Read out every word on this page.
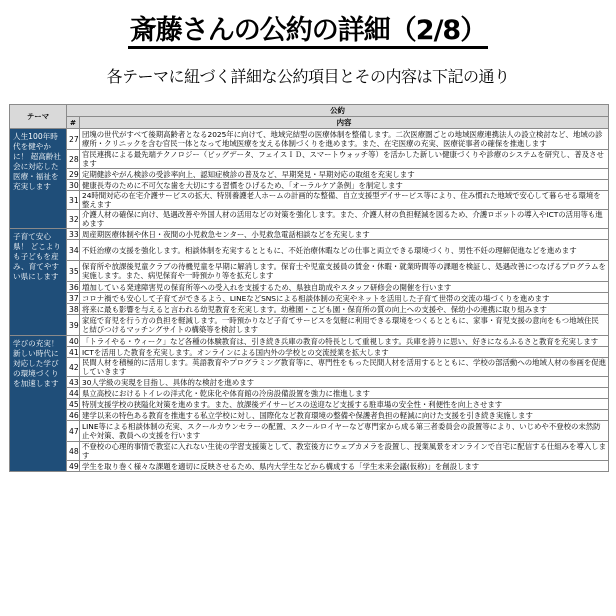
斎藤さんの公約の詳細（2/8）
各テーマに紐づく詳細な公約項目とその内容は下記の通り
テーマ	公約	
	#	内容
人生100年時代を健やかに！ 超高齢社会に対応した医療・福祉を充実します	27	団塊の世代がすべて後期高齢者となる2025年に向けて、地域完結型の医療体制を整備します。二次医療圏ごとの地域医療連携法人の設立検討など、地域の診療所・クリニックを含む官民一体となって地域医療を支える体制づくりを進めます。また、在宅医療の充実、医療従事者の確保を推進します
	28	官民連携による最先端テクノロジー（ビッグデータ、フェイスＩＤ、スマートウォッチ等）を活かした新しい健康づくりや診療のシステムを研究し、普及させます
	29	定期健診やがん検診の受診率向上、認知症検診の普及など、早期発見・早期対応の取組を充実します
	30	健康長寿のために不可欠な歯を大切にする習慣をひげるため、「オーラルケア条例」を制定します
	31	24時間対応の在宅介護サービスの拡大、特別養護老人ホームの計画的な整備、自立支援型デイサービス等により、住み慣れた地域で安心して暮らせる環境を整えます
	32	介護人材の確保に向け、処遇改善や外国人材の活用などの対策を強化します。また、介護人材の負担軽減を図るため、介護ロボットの導入やICTの活用等も進めます
子育て安心県！ どこよりも子どもを産み、育てやすい県にします	33	周産期医療体制や休日・夜間の小児救急センター、小児救急電話相談などを充実します
	34	不妊治療の支援を強化します。相談体制を充実するとともに、不妊治療休暇などの仕事と両立できる環境づくり、男性不妊の理解促進などを進めます
	35	保育所や放課後児童クラブの待機児童を早期に解消します。保育士や児童支援員の賃金・休暇・就業時間等の課題を検証し、処遇改善につなげるプログラムを実施します。また、病児保育や一時預かり等を拡充します
	36	増加している発達障害児の保育所等への受入れを支援するため、県独自助成やスタッフ研修会の開催を行います
	37	コロナ禍でも安心して子育てができるよう、LINEなどSNSによる相談体制の充実やネットを活用した子育て世帯の交流の場づくりを進めます
	38	将来に最も影響を与えると言われる幼児教育を充実します。幼稚園・こども園・保育所の質の向上への支援や、保幼小の連携に取り組みます
	39	家庭で育児を行う方の負担を軽減します。一時預かりなど子育てサービスを気軽に利用できる環境をつくるとともに、家事・育児支援の意向をもつ地域住民と結びつけるマッチングサイトの構築等を検討します
学びの充実！ 新しい時代に対応した学びの環境づくりを加速します	40	「トライやる・ウィーク」など各種の体験教育は、引き続き兵庫の教育の特長として重視します。兵庫を誇りに思い、好きになるふるさと教育を充実します
	41	ICTを活用した教育を充実します。オンラインによる国内外の学校との交流授業を拡大します
	42	民間人材を積極的に活用します。英語教育やプログラミング教育等に、専門性をもった民間人材を活用するとともに、学校の部活動への地域人材の参画を促進していきます
	43	30人学級の実現を目指し、具体的な検討を進めます
	44	県立高校におけるトイレの洋式化・乾床化や体育館の冷房設備設置を強力に推進します
	45	特別支援学校の狭隘化対策を進めます。また、放課後デイサービスの送迎など支援する駐車場の安全性・利便性を向上させます
	46	建学以来の特色ある教育を推進する私立学校に対し、国際化など教育環境の整備や保護者負担の軽減に向けた支援を引き続き実施します
	47	LINE等による相談体制の充実、スクールカウンセラーの配置、スクールロイヤーなど専門家から成る第三者委員会の設置等により、いじめや不登校の未然防止や対策、教員への支援を行います
	48	不登校の心理的事情で教室に入れない生徒の学習支援策として、教室後方にウェブカメラを設置し、授業風景をオンラインで自宅に配信する仕組みを導入します
	49	学生を取り巻く様々な課題を適切に反映させるため、県内大学生などから構成する「学生未来会議(仮称)」を創設します
